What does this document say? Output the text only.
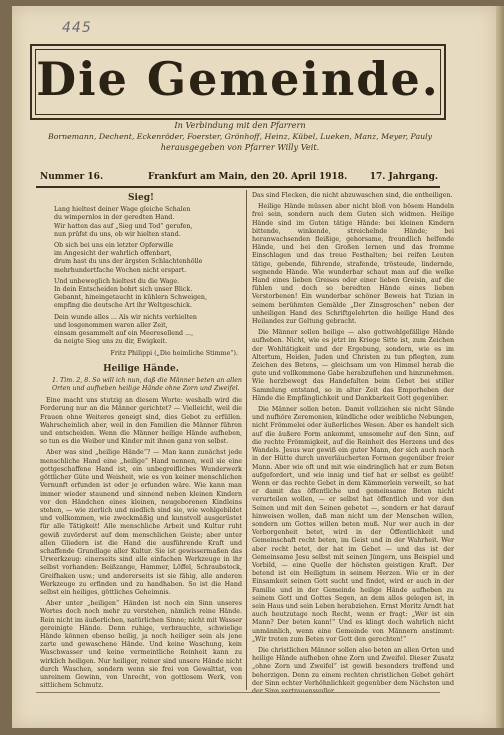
445
Die Gemeinde.
In Verbindung mit den Pfarrern
Bornemann, Dechent, Eckenröder, Foerster, Grönhoff, Heinz, Kübel, Lueken, Manz, Meyer, Pauly
herausgegeben von Pfarrer Willy Veit.
Nummer 16.	Frankfurt am Main, den 20. April 1918.	17. Jahrgang.
Sieg!
Lang hieltest deiner Wage gleiche Schalen
du wimpernlos in der geredten Hand.
Wir hatten das auf „Sieg und Tod“ gerufen,
nun prüfst du uns, ob wir hielten stand.
Ob sich bei uns ein letzter Opferwille
im Angesicht der wahrlich offenbart,
drum hast du uns der ärgsten Schlachtenhölle
mehrhundertfache Wochen nicht erspart.
Und unbeweglich hieltest du die Wage.
In dein Entscheiden bohrt sich unser Blick.
Gebannt, hineingetaucht in kühlern Schweigen,
empfing die deutsche Art ihr Weltgeschick.
Dein wunde alles ... Als wir nichts verhielten
und losgenommen waren aller Zeit,
einsam gesammelt auf ein Meeresellend ...,
da neigte Sieg uns zu dir, Ewigkeit.
Fritz Philippi („Die heimliche Stimme“).
Heilige Hände.
1. Tim. 2, 8. So will ich nun, daß die Männer beten an allen Orten und aufheben heilige Hände ohne Zorn und Zweifel.

Eine macht uns stutzig an diesem Worte: weshalb wird die Forderung nur an die Männer gerichtet? — Vielleicht, weil die Frauen ohne Weiteres geneigt sind, dies Gebot zu erfüllen. Wahrscheinlich aber, weil in den Familien die Männer führen und entscheiden. Wenn die Männer heilige Hände aufheben, so tun es die Weiber und Kinder mit ihnen ganz von selbst.

Aber was sind „heilige Hände“? — Man kann zunächst jede menschliche Hand eine „heilige“ Hand nennen, weil sie eine gottgeschaffene Hand ist, ein unbegreifliches Wunderwerk göttlicher Güte und Weisheit, wie es von keiner menschlichen Vernunft erfunden ist oder je erfunden wäre. Wie kann man immer wieder staunend und sinnend neben kleinen Kindern vor den Händchen eines kleinen, neugeborenen Kindleins stehen, — wie zierlich und niedlich sind sie, wie wohlgebildet und vollkommen, wie zweckmäßig und kunstvoll ausgerüstet für alle Tätigkeit! Alle menschliche Arbeit und Kultur ruht gewiß zuvörderst auf dem menschlichen Geiste; aber unter allen Gliedern ist die Hand die ausführende Kraft und schaffende Grundlage aller Kultur. Sie ist gewissermaßen das Urwerkzeug: einerseits sind alle einfachen Werkzeuge in ihr selbst vorhanden: Beißzange, Hammer, Löffel, Schraubstock, Greifhaken usw.; und andererseits ist sie fähig, alle anderen Werkzeuge zu erfinden und zu handhaben. So ist die Hand selbst ein heiliges, göttliches Geheimnis.

Aber unter „heiligen“ Händen ist noch ein Sinn unseres Wortes doch noch mehr zu verstehen, nämlich reine Hände. Rein nicht im äußerlichen, natürlichen Sinne; nicht mit Wasser gereinigte Hände. Denn ruhige, verbrauchte, schwielige Hände können ebenso heilig, ja noch heiliger sein als jene zarte und gewaschene Hände. Und keine Waschung, kein Waschwasser und keine vermeintliche Reinheit kann zu wirklich heiligen. Nur heiliger, reiner sind unsere Hände nicht durch Waschen, sondern wenn sie frei von Gewalttat, von unreinem Gewinn, von Unrecht, von gottlosem Werk, von sittlichem Schmutz.

Das sind Flecken, die nicht abzuwaschen sind, die entheiligen.

Heilige Hände müssen aber nicht bloß von bösem Handeln frei sein, sondern auch dem Guten sich widmen. Heilige Hände sind im Guten tätige Hände: bei kleinen Kindern bittende, winkende, streichelnde Hände; bei heranwachsenden fleißige, gehorsame, freundlich helfende Hände, und bei den Großen lernen und das fromme Einschlagen und das treue Festhalten; bei reifen Leuten tätige, gebende, führende, strafende, trösteude, lindernde, segnende Hände. Wie wunderbar schaut man auf die welke Hand eines lieben Greises oder einer lieben Greisin, auf die fühlen und doch so beredten Hände eines lieben Verstorbenen! Ein wunderbar schöner Beweis hat Tizian in seinem berühmten Gemälde „Der Zinsgroschen“ neben der unheiligen Hand des Schriftgelehrten die heilige Hand des Heilandes zur Geltung gebracht.

Die Männer sollen heilige — also gottwohlgefällige Hände aufheben. Nicht, wie es jetzt im Kriege Sitte ist, zum Zeichen der Wohltätigkeit und der Ergebung, sondern, wie es im Altertum, Heiden, Juden und Christen zu tun pflegten, zum Zeichen des Betens, — gleichsam um von Himmel herab die gute und vollkommene Gabe herabzuflehen und hinzunehmen. Wie herzbewegt das Handefalten beim Gebet bei stiller Sammlung entstand, so in alter Zeit das Emporheben der Hände die Empfänglichkeit und Dankbarkeit Gott gegenüber.

Die Männer sollen beten. Damit vollziehen sie nicht Sünde und nufhöre Zeremonien, kündliche oder weibliche Nebungen, nicht Frömmelei oder äußerliches Wesen. Aber es handelt sich auf die äußere Form ankommt, umsomehr auf den Sinn, auf die rechte Frömmigkeit, auf die Reinheit des Herzens und des Wandels. Jesus war gewiß ein guter Mann, der sich auch nach in der Hütte durch unverläucherten Formen gegenüber freier Mann. Aber wie oft und mit wie eindringlich hat er zum Beten aufgefordert, und wie innig und tief hat er selbst es geübt! Wenn er das rechte Gebet in dem Kämmerlein verweilt, so hat er damit das öffentliche und gemeinsame Beten nicht verurteilen wollen, — er selbst hat öffentlich und vor den Seinen und mit den Seinen gebetet —, sondern er hat darauf hinweisen wollen, daß man nicht um der Menschen willen, sondern um Gottes willen beten muß. Nur wer auch in der Verborgenheit betet, wird in der Öffentlichkeit und Gemeinschaft recht beten, im Geist und in der Wahrheit. Wer aber recht betet, der hat im Gebet — und das ist der Gemeinsame Jesu selbst mit seinen Jüngern, uns Beispiel und Vorbild, — eine Quelle der höchsten geistigen Kraft. Der betend ist ein Heiligtum in seinem Herzen. Wie er in der Einsamkeit seinen Gott sucht und findet, wird er auch in der Familie und in der Gemeinde heilige Hände aufheben zu seinem Gott und Gottes Segen, an dem alles gelegen ist, in sein Haus und sein Leben herabziehen. Ernst Moritz Arndt hat auch heutzutage noch Recht, wenn er fragt: „Wer ist ein Mann? Der beten kann!“ Und es klingt doch wahrlich nicht unmännlich, wenn eine Gemeinde von Männern anstimmt: „Wir treten zum Beten vor Gott den gerechten!“

Die christlichen Männer sollen also beten an allen Orten und heilige Hände aufheben ohne Zorn und Zweifel. Dieser Zusatz „ohne Zorn und Zweifel“ ist gewiß besonders treffend und beherzigen. Denn zu einem rechten christlichen Gebet gehört der Sinn echter Verhöhnlichkeit gegenüber dem Nächsten und
